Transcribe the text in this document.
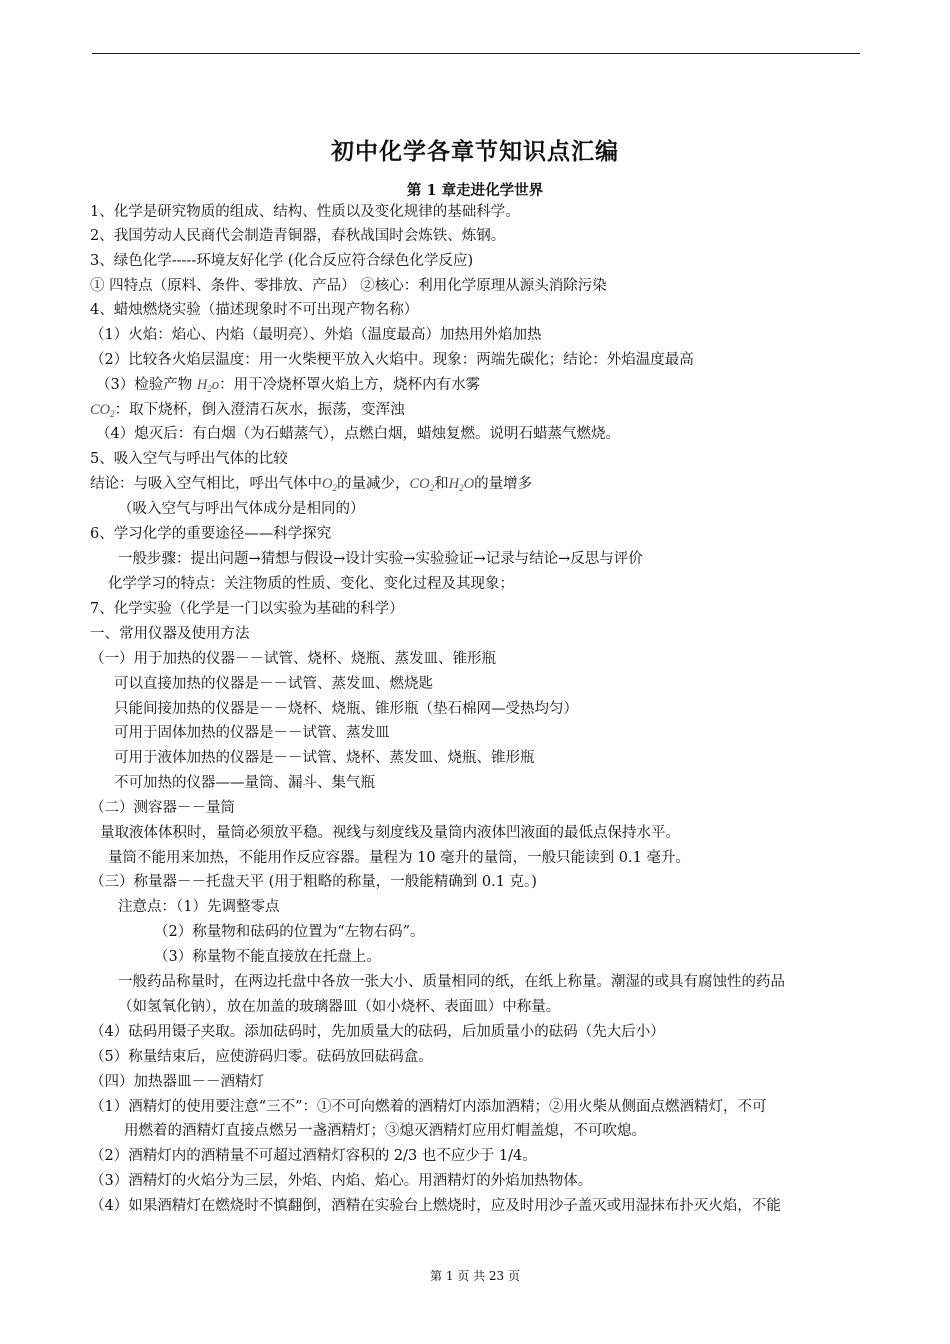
初中化学各章节知识点汇编
第 1 章走进化学世界
1、化学是研究物质的组成、结构、性质以及变化规律的基础科学。
2、我国劳动人民商代会制造青铜器，春秋战国时会炼铁、炼钢。
3、绿色化学-----环境友好化学 (化合反应符合绿色化学反应)
① 四特点（原料、条件、零排放、产品） ②核心：利用化学原理从源头消除污染
4、蜡烛燃烧实验（描述现象时不可出现产物名称）
（1）火焰：焰心、内焰（最明亮）、外焰（温度最高）加热用外焰加热
（2）比较各火焰层温度：用一火柴梗平放入火焰中。现象：两端先碳化；结论：外焰温度最高
（3）检验产物 $H_2o$：用干冷烧杯罩火焰上方，烧杯内有水雾
$CO_2$：取下烧杯，倒入澄清石灰水，振荡，变浑浊
（4）熄灭后：有白烟（为石蜡蒸气），点燃白烟，蜡烛复燃。说明石蜡蒸气燃烧。
5、吸入空气与呼出气体的比较
结论：与吸入空气相比，呼出气体中$O_2$的量减少，$CO_2$和$H_2O$的量增多
（吸入空气与呼出气体成分是相同的）
6、学习化学的重要途径——科学探究
一般步骤：提出问题→猜想与假设→设计实验→实验验证→记录与结论→反思与评价
化学学习的特点：关注物质的性质、变化、变化过程及其现象；
7、化学实验（化学是一门以实验为基础的科学）
一、常用仪器及使用方法
（一）用于加热的仪器－－试管、烧杯、烧瓶、蒸发皿、锥形瓶
可以直接加热的仪器是－－试管、蒸发皿、燃烧匙
只能间接加热的仪器是－－烧杯、烧瓶、锥形瓶（垫石棉网—受热均匀）
可用于固体加热的仪器是－－试管、蒸发皿
可用于液体加热的仪器是－－试管、烧杯、蒸发皿、烧瓶、锥形瓶
不可加热的仪器——量筒、漏斗、集气瓶
（二）测容器－－量筒
量取液体体积时，量筒必须放平稳。视线与刻度线及量筒内液体凹液面的最低点保持水平。
量筒不能用来加热，不能用作反应容器。量程为 10 毫升的量筒，一般只能读到 0.1 毫升。
（三）称量器－－托盘天平 (用于粗略的称量，一般能精确到 0.1 克。)
注意点：（1）先调整零点
（2）称量物和砝码的位置为“左物右码”。
（3）称量物不能直接放在托盘上。
一般药品称量时，在两边托盘中各放一张大小、质量相同的纸，在纸上称量。潮湿的或具有腐蚀性的药品
（如氢氧化钠），放在加盖的玻璃器皿（如小烧杯、表面皿）中称量。
（4）砝码用镊子夹取。添加砝码时，先加质量大的砝码，后加质量小的砝码（先大后小）
（5）称量结束后，应使游码归零。砝码放回砝码盒。
（四）加热器皿－－酒精灯
（1）酒精灯的使用要注意“三不”：①不可向燃着的酒精灯内添加酒精；②用火柴从侧面点燃酒精灯，不可
用燃着的酒精灯直接点燃另一盏酒精灯；③熄灭酒精灯应用灯帽盖熄，不可吹熄。
（2）酒精灯内的酒精量不可超过酒精灯容积的 2/3 也不应少于 1/4。
（3）酒精灯的火焰分为三层，外焰、内焰、焰心。用酒精灯的外焰加热物体。
（4）如果酒精灯在燃烧时不慎翻倒，酒精在实验台上燃烧时，应及时用沙子盖灭或用湿抹布扑灭火焰，不能
第 1 页 共 23 页
